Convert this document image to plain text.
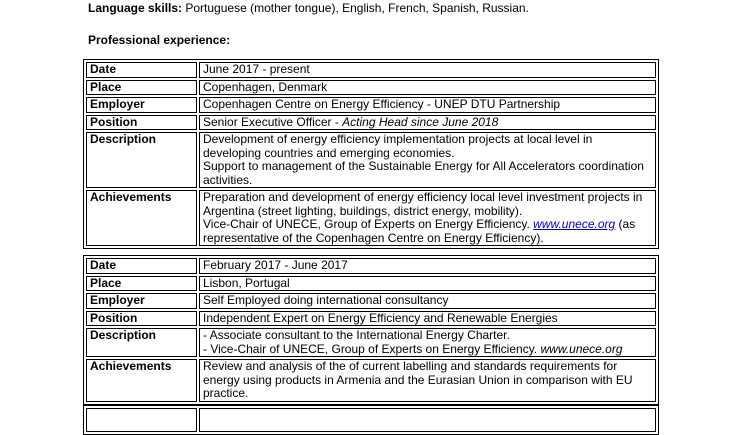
Language skills: Portuguese (mother tongue), English, French, Spanish, Russian.
Professional experience:
Date	June 2017 - present
Place	Copenhagen, Denmark
Employer	Copenhagen Centre on Energy Efficiency - UNEP DTU Partnership
Position	Senior Executive Officer - Acting Head since June 2018
Description	Development of energy efficiency implementation projects at local level in developing countries and emerging economies.
Support to management of the Sustainable Energy for All Accelerators coordination activities.

Achievements	Preparation and development of energy efficiency local level investment projects in Argentina (street lighting, buildings, district energy, mobility).
Vice-Chair of UNECE, Group of Experts on Energy Efficiency. www.unece.org (as representative of the Copenhagen Centre on Energy Efficiency).
Date	February 2017 - June 2017
Place	Lisbon, Portugal
Employer	Self Employed doing international consultancy
Position	Independent Expert on Energy Efficiency and Renewable Energies
Description	- Associate consultant to the International Energy Charter.
- Vice-Chair of UNECE, Group of Experts on Energy Efficiency. www.unece.org

Achievements	Review and analysis of the of current labelling and standards requirements for energy using products in Armenia and the Eurasian Union in comparison with EU practice.
